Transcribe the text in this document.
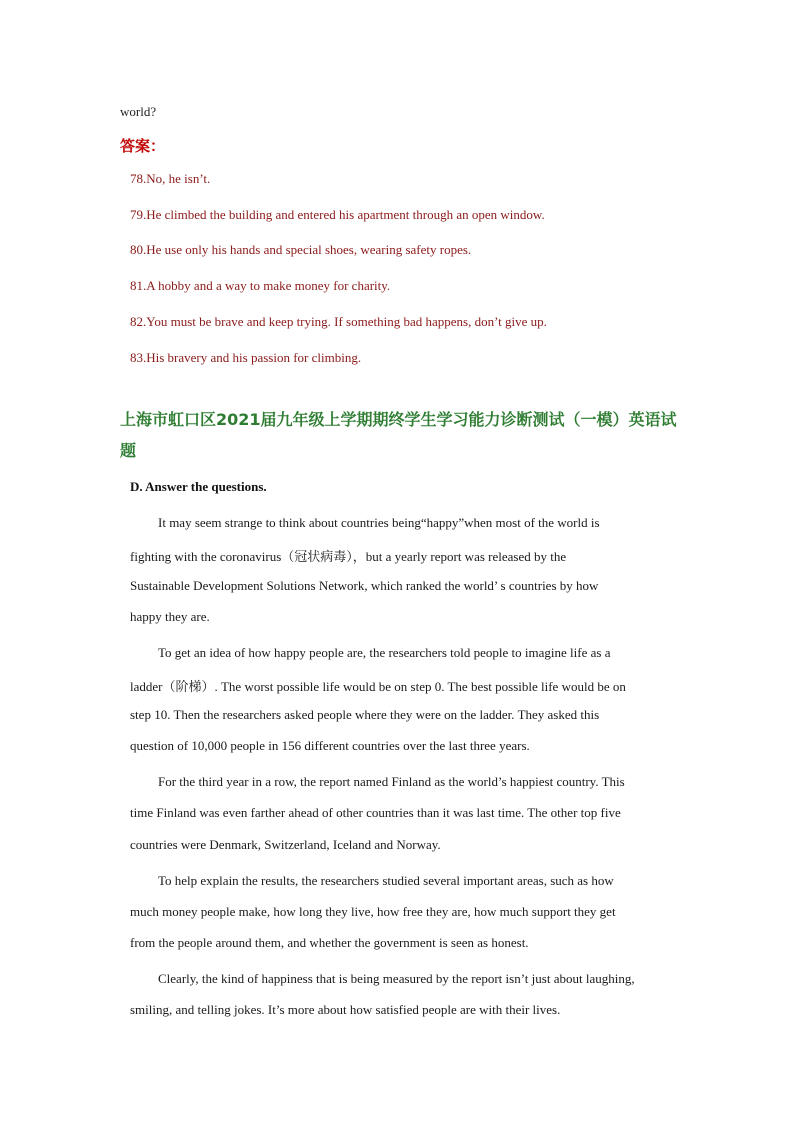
world?
答案：
78.No, he isn’t.
79.He climbed the building and entered his apartment through an open window.
80.He use only his hands and special shoes, wearing safety ropes.
81.A hobby and a way to make money for charity.
82.You must be brave and keep trying. If something bad happens, don’t give up.
83.His bravery and his passion for climbing.
上海市虹口区2021届九年级上学期期终学生学习能力诊断测试（一模）英语试
题
D. Answer the questions.
It may seem strange to think about countries being“happy”when most of the world is
fighting with the coronavirus（冠状病毒），but a yearly report was released by the
Sustainable Development Solutions Network, which ranked the world’ s countries by how
happy they are.
To get an idea of how happy people are, the researchers told people to imagine life as a
ladder（阶梯）. The worst possible life would be on step 0. The best possible life would be on
step 10. Then the researchers asked people where they were on the ladder. They asked this
question of 10,000 people in 156 different countries over the last three years.
For the third year in a row, the report named Finland as the world’s happiest country. This
time Finland was even farther ahead of other countries than it was last time. The other top five
countries were Denmark, Switzerland, Iceland and Norway.
To help explain the results, the researchers studied several important areas, such as how
much money people make, how long they live, how free they are, how much support they get
from the people around them, and whether the government is seen as honest.
Clearly, the kind of happiness that is being measured by the report isn’t just about laughing,
smiling, and telling jokes. It’s more about how satisfied people are with their lives.
